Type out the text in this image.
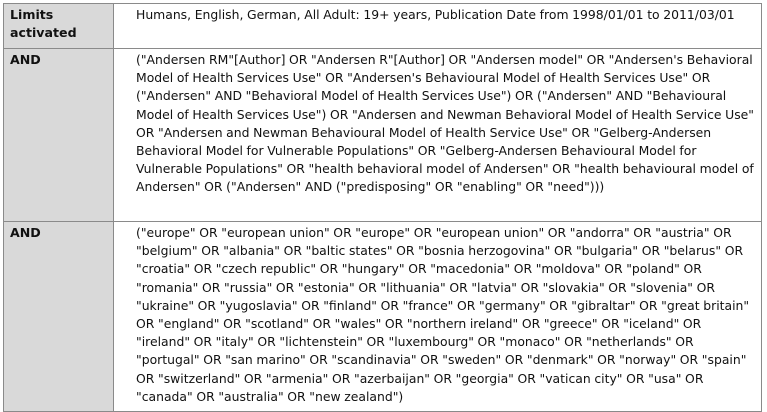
Limits activated	Humans, English, German, All Adult: 19+ years, Publication Date from 1998/01/01 to 2011/03/01
AND	("Andersen RM"[Author] OR "Andersen R"[Author] OR "Andersen model" OR "Andersen's Behavioral Model of Health Services Use" OR "Andersen's Behavioural Model of Health Services Use" OR ("Andersen" AND "Behavioral Model of Health Services Use") OR ("Andersen" AND "Behavioural Model of Health Services Use") OR "Andersen and Newman Behavioral Model of Health Service Use" OR "Andersen and Newman Behavioural Model of Health Service Use" OR "Gelberg-Andersen Behavioral Model for Vulnerable Populations" OR "Gelberg-Andersen Behavioural Model for Vulnerable Populations" OR "health behavioral model of Andersen" OR "health behavioural model of Andersen" OR ("Andersen" AND ("predisposing" OR "enabling" OR "need")))
AND	("europe" OR "european union" OR "europe" OR "european union" OR "andorra" OR "austria" OR "belgium" OR "albania" OR "baltic states" OR "bosnia herzogovina" OR "bulgaria" OR "belarus" OR "croatia" OR "czech republic" OR "hungary" OR "macedonia" OR "moldova" OR "poland" OR "romania" OR "russia" OR "estonia" OR "lithuania" OR "latvia" OR "slovakia" OR "slovenia" OR "ukraine" OR "yugoslavia" OR "finland" OR "france" OR "germany" OR "gibraltar" OR "great britain" OR "england" OR "scotland" OR "wales" OR "northern ireland" OR "greece" OR "iceland" OR "ireland" OR "italy" OR "lichtenstein" OR "luxembourg" OR "monaco" OR "netherlands" OR "portugal" OR "san marino" OR "scandinavia" OR "sweden" OR "denmark" OR "norway" OR "spain" OR "switzerland" OR "armenia" OR "azerbaijan" OR "georgia" OR "vatican city" OR "usa" OR "canada" OR "australia" OR "new zealand")
